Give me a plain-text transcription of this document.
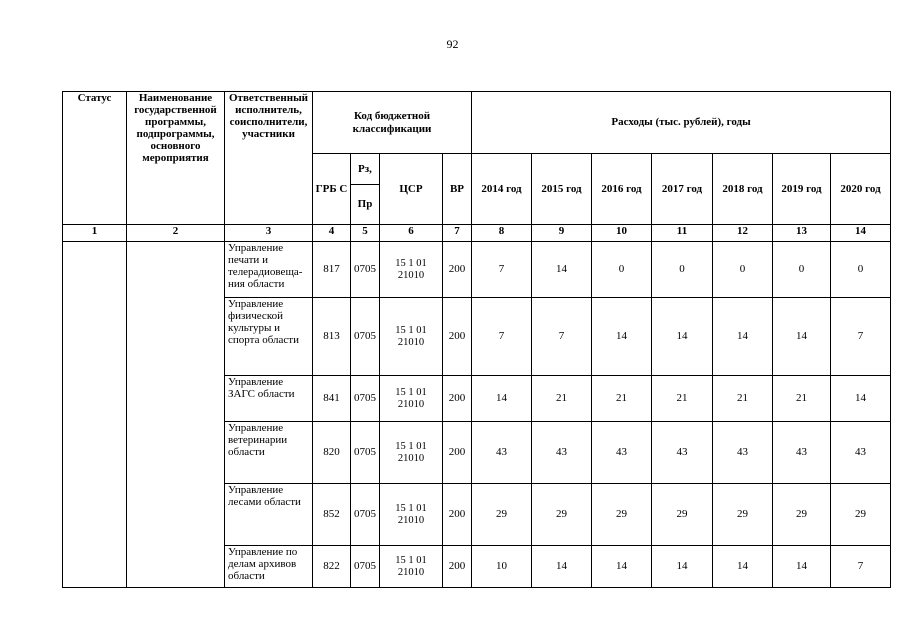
92
Статус	Наименование государственной программы, подпрограммы, основного мероприятия	Ответственный исполнитель, соисполнители, участники	Код бюджетной классификации				Расходы (тыс. рублей), годы						
			ГРБ С	Рз,	ЦСР	ВР	2014 год	2015 год	2016 год	2017 год	2018 год	2019 год	2020 год
				Пр									
1	2	3	4	5	6	7	8	9	10	11	12	13	14
		Управление печати и телерадиовеща-ния области	817	0705	15 1 01 21010	200	7	14	0	0	0	0	0
		Управление физической культуры и спорта области	813	0705	15 1 01 21010	200	7	7	14	14	14	14	7
		Управление ЗАГС области	841	0705	15 1 01 21010	200	14	21	21	21	21	21	14
		Управление ветеринарии области	820	0705	15 1 01 21010	200	43	43	43	43	43	43	43
		Управление лесами области	852	0705	15 1 01 21010	200	29	29	29	29	29	29	29
		Управление по делам архивов области	822	0705	15 1 01 21010	200	10	14	14	14	14	14	7
